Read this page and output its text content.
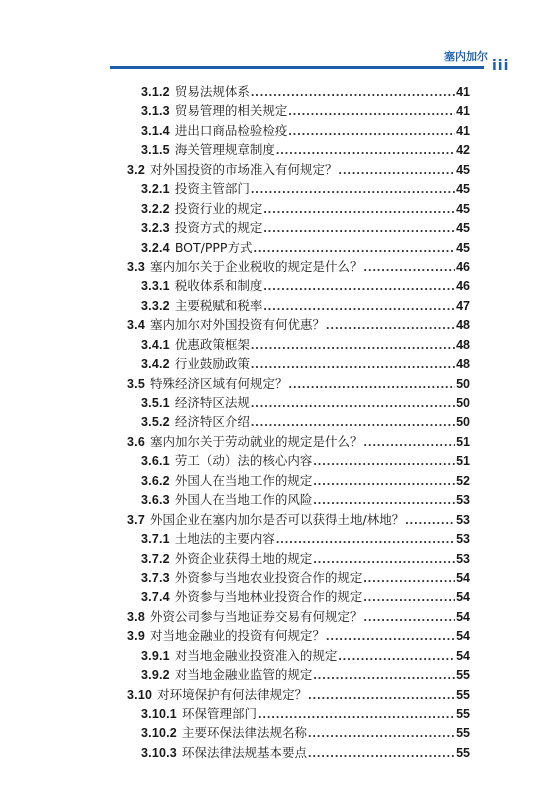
塞内加尔
iii
3.1.2 贸易法规体系 .....	41
3.1.3 贸易管理的相关规定 .....	41
3.1.4 进出口商品检验检疫 .....	41
3.1.5 海关管理规章制度 .....	42
3.2 对外国投资的市场准入有何规定？ .....	45
3.2.1 投资主管部门 .....	45
3.2.2 投资行业的规定 .....	45
3.2.3 投资方式的规定 .....	45
3.2.4 BOT/PPP方式 .....	45
3.3 塞内加尔关于企业税收的规定是什么？ .....	46
3.3.1 税收体系和制度 .....	46
3.3.2 主要税赋和税率 .....	47
3.4 塞内加尔对外国投资有何优惠？ .....	48
3.4.1 优惠政策框架 .....	48
3.4.2 行业鼓励政策 .....	48
3.5 特殊经济区域有何规定？ .....	50
3.5.1 经济特区法规 .....	50
3.5.2 经济特区介绍 .....	50
3.6 塞内加尔关于劳动就业的规定是什么？ .....	51
3.6.1 劳工（动）法的核心内容 .....	51
3.6.2 外国人在当地工作的规定 .....	52
3.6.3 外国人在当地工作的风险 .....	53
3.7 外国企业在塞内加尔是否可以获得土地/林地？ .....	53
3.7.1 土地法的主要内容 .....	53
3.7.2 外资企业获得土地的规定 .....	53
3.7.3 外资参与当地农业投资合作的规定 .....	54
3.7.4 外资参与当地林业投资合作的规定 .....	54
3.8 外资公司参与当地证券交易有何规定？ .....	54
3.9 对当地金融业的投资有何规定？ .....	54
3.9.1 对当地金融业投资准入的规定 .....	54
3.9.2 对当地金融业监管的规定 .....	55
3.10 对环境保护有何法律规定？ .....	55
3.10.1 环保管理部门 .....	55
3.10.2 主要环保法律法规名称 .....	55
3.10.3 环保法律法规基本要点 .....	55
